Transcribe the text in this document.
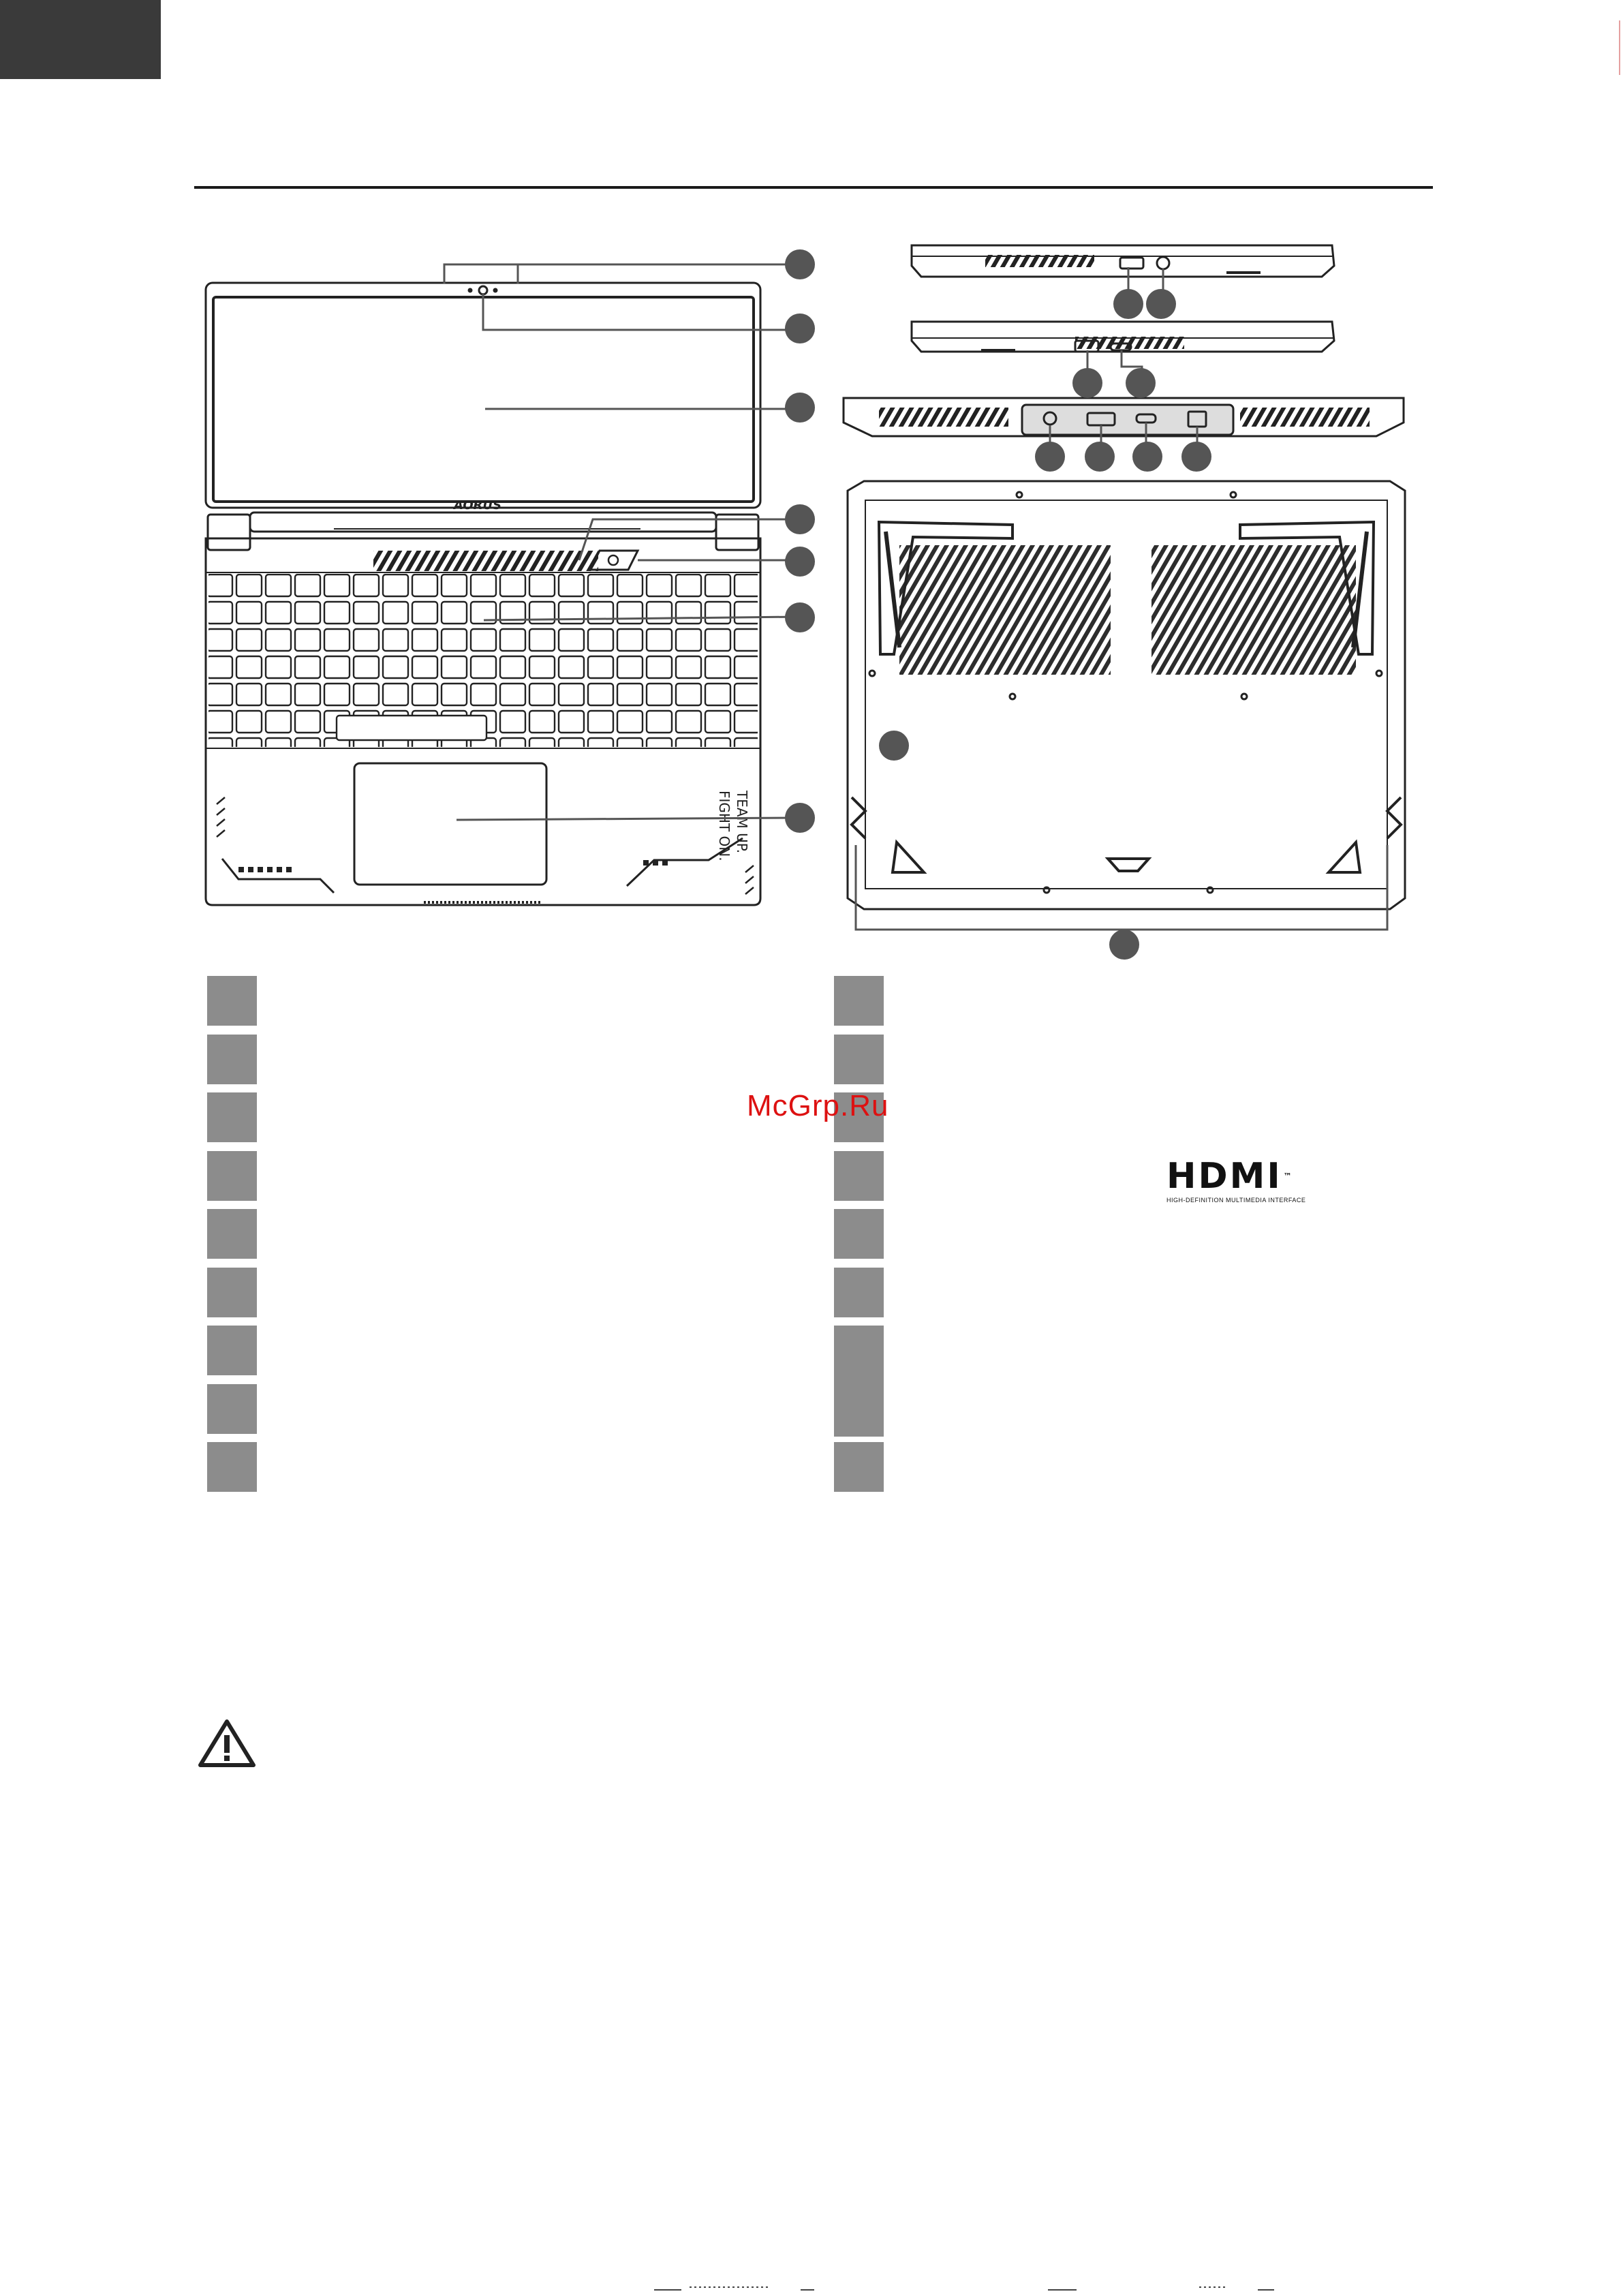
AORUS
TEAM UP.
FIGHT ON.
McGrp.Ru
HDMI ™
HIGH-DEFINITION MULTIMEDIA INTERFACE
